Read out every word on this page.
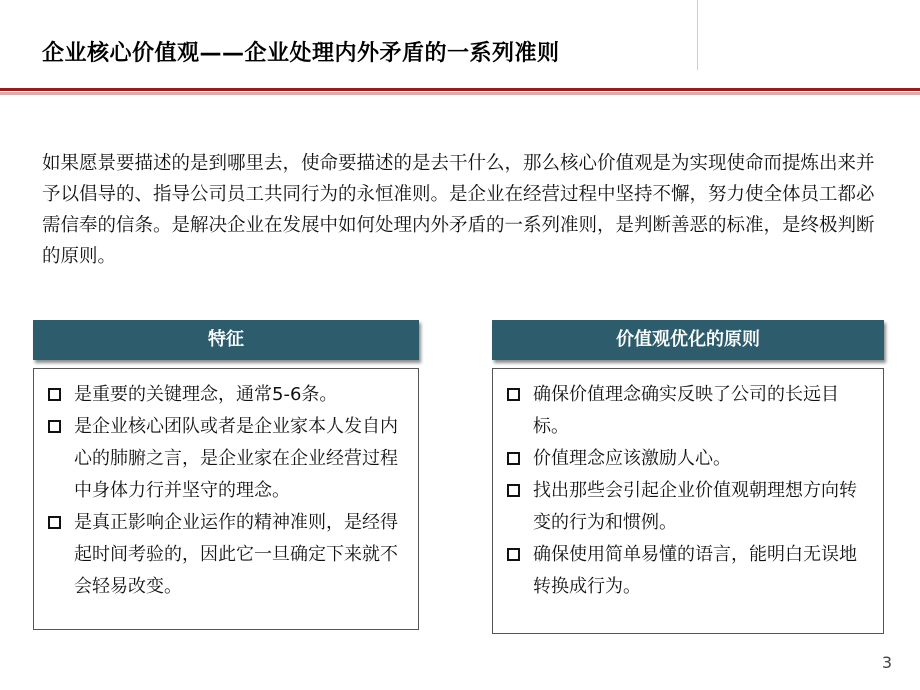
企业核心价值观——企业处理内外矛盾的一系列准则

如果愿景要描述的是到哪里去，使命要描述的是去干什么，那么核心价值观是为实现使命而提炼出来并予以倡导的、指导公司员工共同行为的永恒准则。是企业在经营过程中坚持不懈，努力使全体员工都必需信奉的信条。是解决企业在发展中如何处理内外矛盾的一系列准则，是判断善恶的标准，是终极判断的原则。

特征
是重要的关键理念，通常5-6条。
是企业核心团队或者是企业家本人发自内心的肺腑之言，是企业家在企业经营过程中身体力行并坚守的理念。
是真正影响企业运作的精神准则，是经得起时间考验的，因此它一旦确定下来就不会轻易改变。
价值观优化的原则
确保价值理念确实反映了公司的长远目标。
价值理念应该激励人心。
找出那些会引起企业价值观朝理想方向转变的行为和惯例。
确保使用简单易懂的语言，能明白无误地转换成行为。
3
